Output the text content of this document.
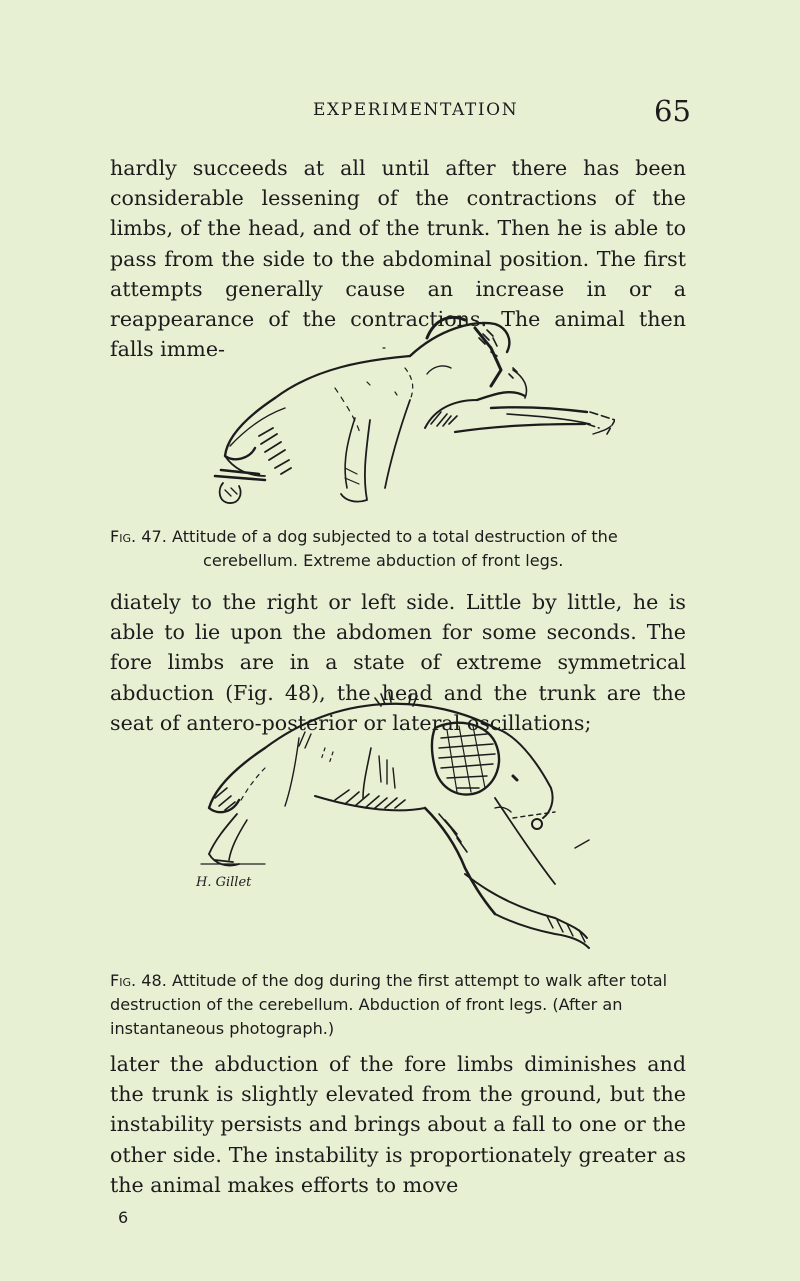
EXPERIMENTATION	65

hardly succeeds at all until after there has been considerable lessening of the contractions of the limbs, of the head, and of the trunk. Then he is able to pass from the side to the abdominal position. The first attempts generally cause an increase in or a reappearance of the contractions. The animal then falls imme-

Fig. 47. Attitude of a dog subjected to a total destruction of the cerebellum. Extreme abduction of front legs.

diately to the right or left side. Little by little, he is able to lie upon the abdomen for some seconds. The fore limbs are in a state of extreme symmetrical abduction (Fig. 48), the head and the trunk are the seat of antero-posterior or lateral oscillations;

H. Gillet

Fig. 48. Attitude of the dog during the first attempt to walk after total destruction of the cerebellum. Abduction of front legs. (After an instantaneous photograph.)

later the abduction of the fore limbs diminishes and the trunk is slightly elevated from the ground, but the instability persists and brings about a fall to one or the other side. The instability is proportionately greater as the animal makes efforts to move

6
